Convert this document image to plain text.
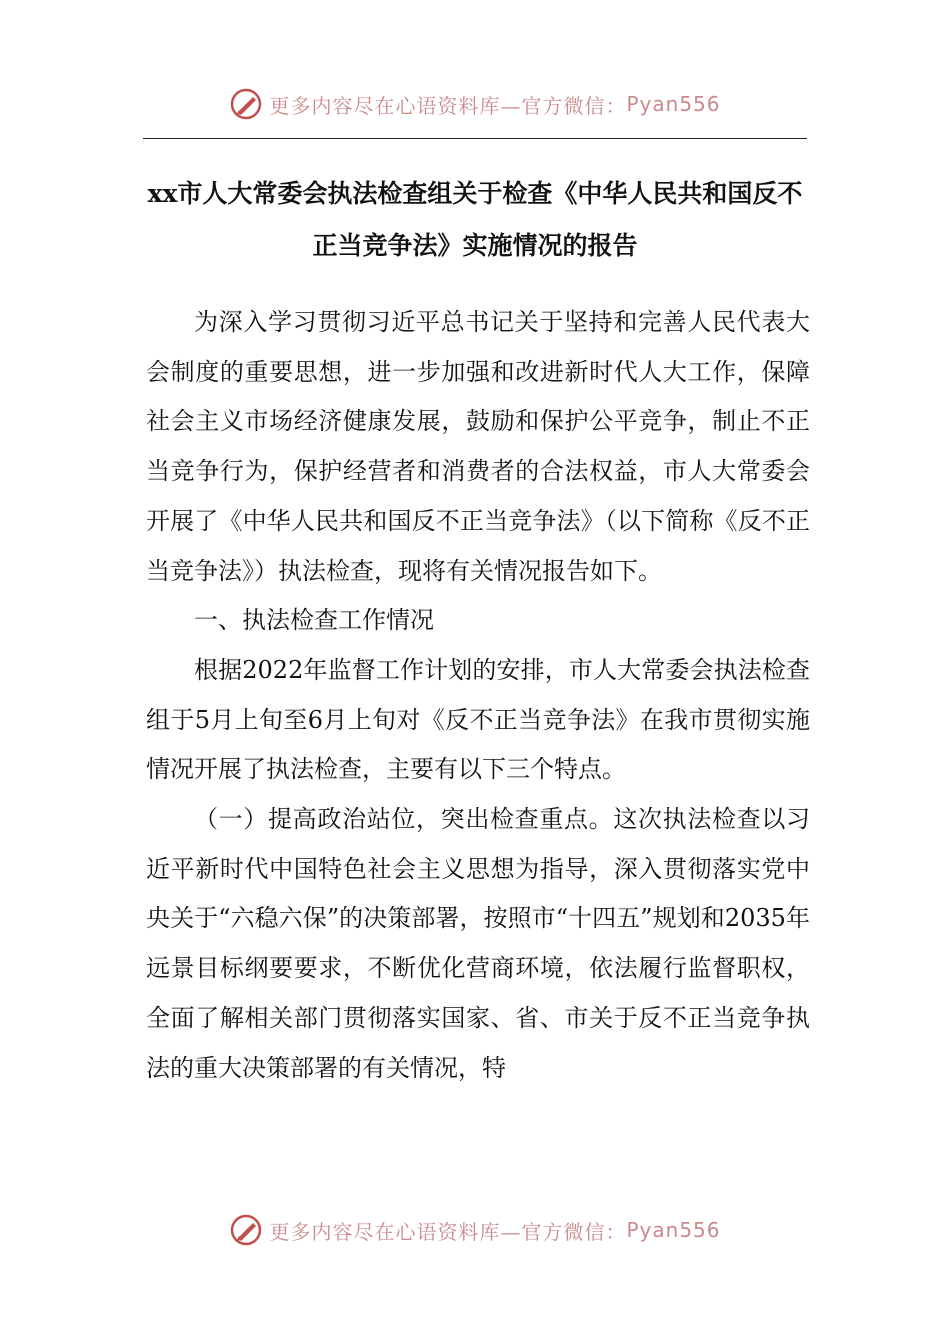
更多内容尽在心语资料库—官方微信： Pyan556
xx市人大常委会执法检查组关于检查《中华人民共和国反不正当竞争法》实施情况的报告

为深入学习贯彻习近平总书记关于坚持和完善人民代表大会制度的重要思想，进一步加强和改进新时代人大工作，保障社会主义市场经济健康发展，鼓励和保护公平竞争，制止不正当竞争行为，保护经营者和消费者的合法权益，市人大常委会开展了《中华人民共和国反不正当竞争法》（以下简称《反不正当竞争法》）执法检查，现将有关情况报告如下。

一、执法检查工作情况

根据2022年监督工作计划的安排，市人大常委会执法检查组于5月上旬至6月上旬对《反不正当竞争法》在我市贯彻实施情况开展了执法检查，主要有以下三个特点。

（一）提高政治站位，突出检查重点。这次执法检查以习近平新时代中国特色社会主义思想为指导，深入贯彻落实党中央关于“六稳六保”的决策部署，按照市“十四五”规划和2035年远景目标纲要要求，不断优化营商环境，依法履行监督职权，全面了解相关部门贯彻落实国家、省、市关于反不正当竞争执法的重大决策部署的有关情况，特

更多内容尽在心语资料库—官方微信： Pyan556
